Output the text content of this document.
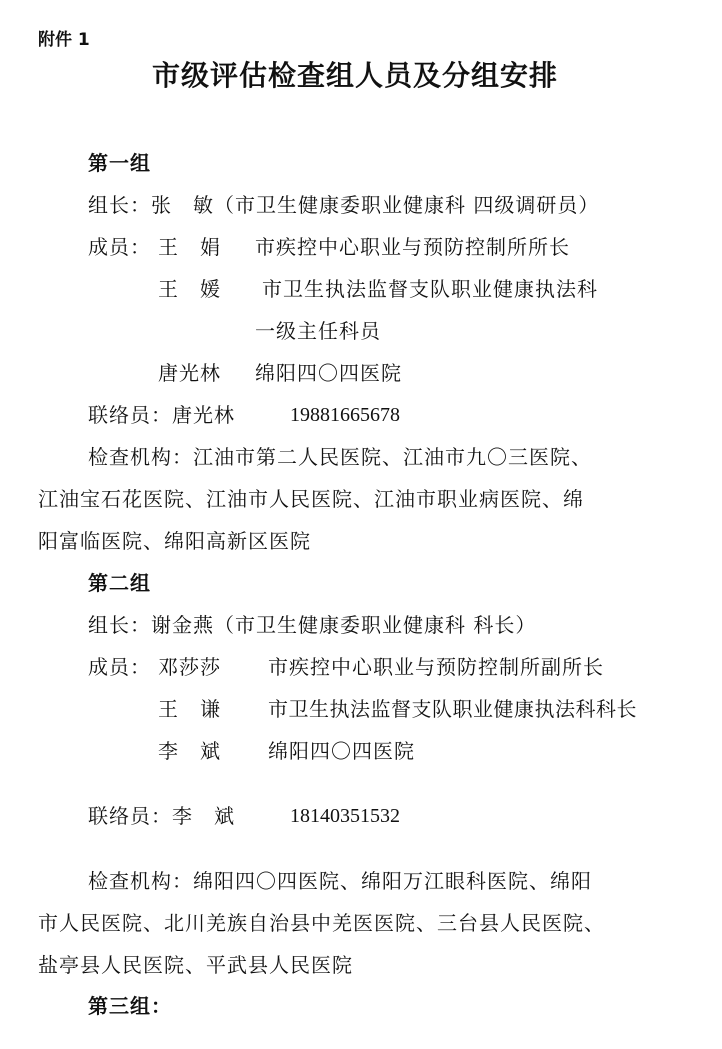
附件 1
市级评估检查组人员及分组安排
第一组
组长：张　敏（市卫生健康委职业健康科 四级调研员）
成员： 王　娟 市疾控中心职业与预防控制所所长
王　媛 市卫生执法监督支队职业健康执法科
一级主任科员
唐光林 绵阳四〇四医院
联络员：唐光林	19881665678
检查机构：江油市第二人民医院、江油市九〇三医院、
江油宝石花医院、江油市人民医院、江油市职业病医院、绵
阳富临医院、绵阳高新区医院
第二组
组长：谢金燕（市卫生健康委职业健康科 科长）
成员： 邓莎莎 市疾控中心职业与预防控制所副所长
王　谦 市卫生执法监督支队职业健康执法科科长
李　斌 绵阳四〇四医院
联络员：李　斌	18140351532
检查机构：绵阳四〇四医院、绵阳万江眼科医院、绵阳
市人民医院、北川羌族自治县中羌医医院、三台县人民医院、
盐亭县人民医院、平武县人民医院
第三组：
